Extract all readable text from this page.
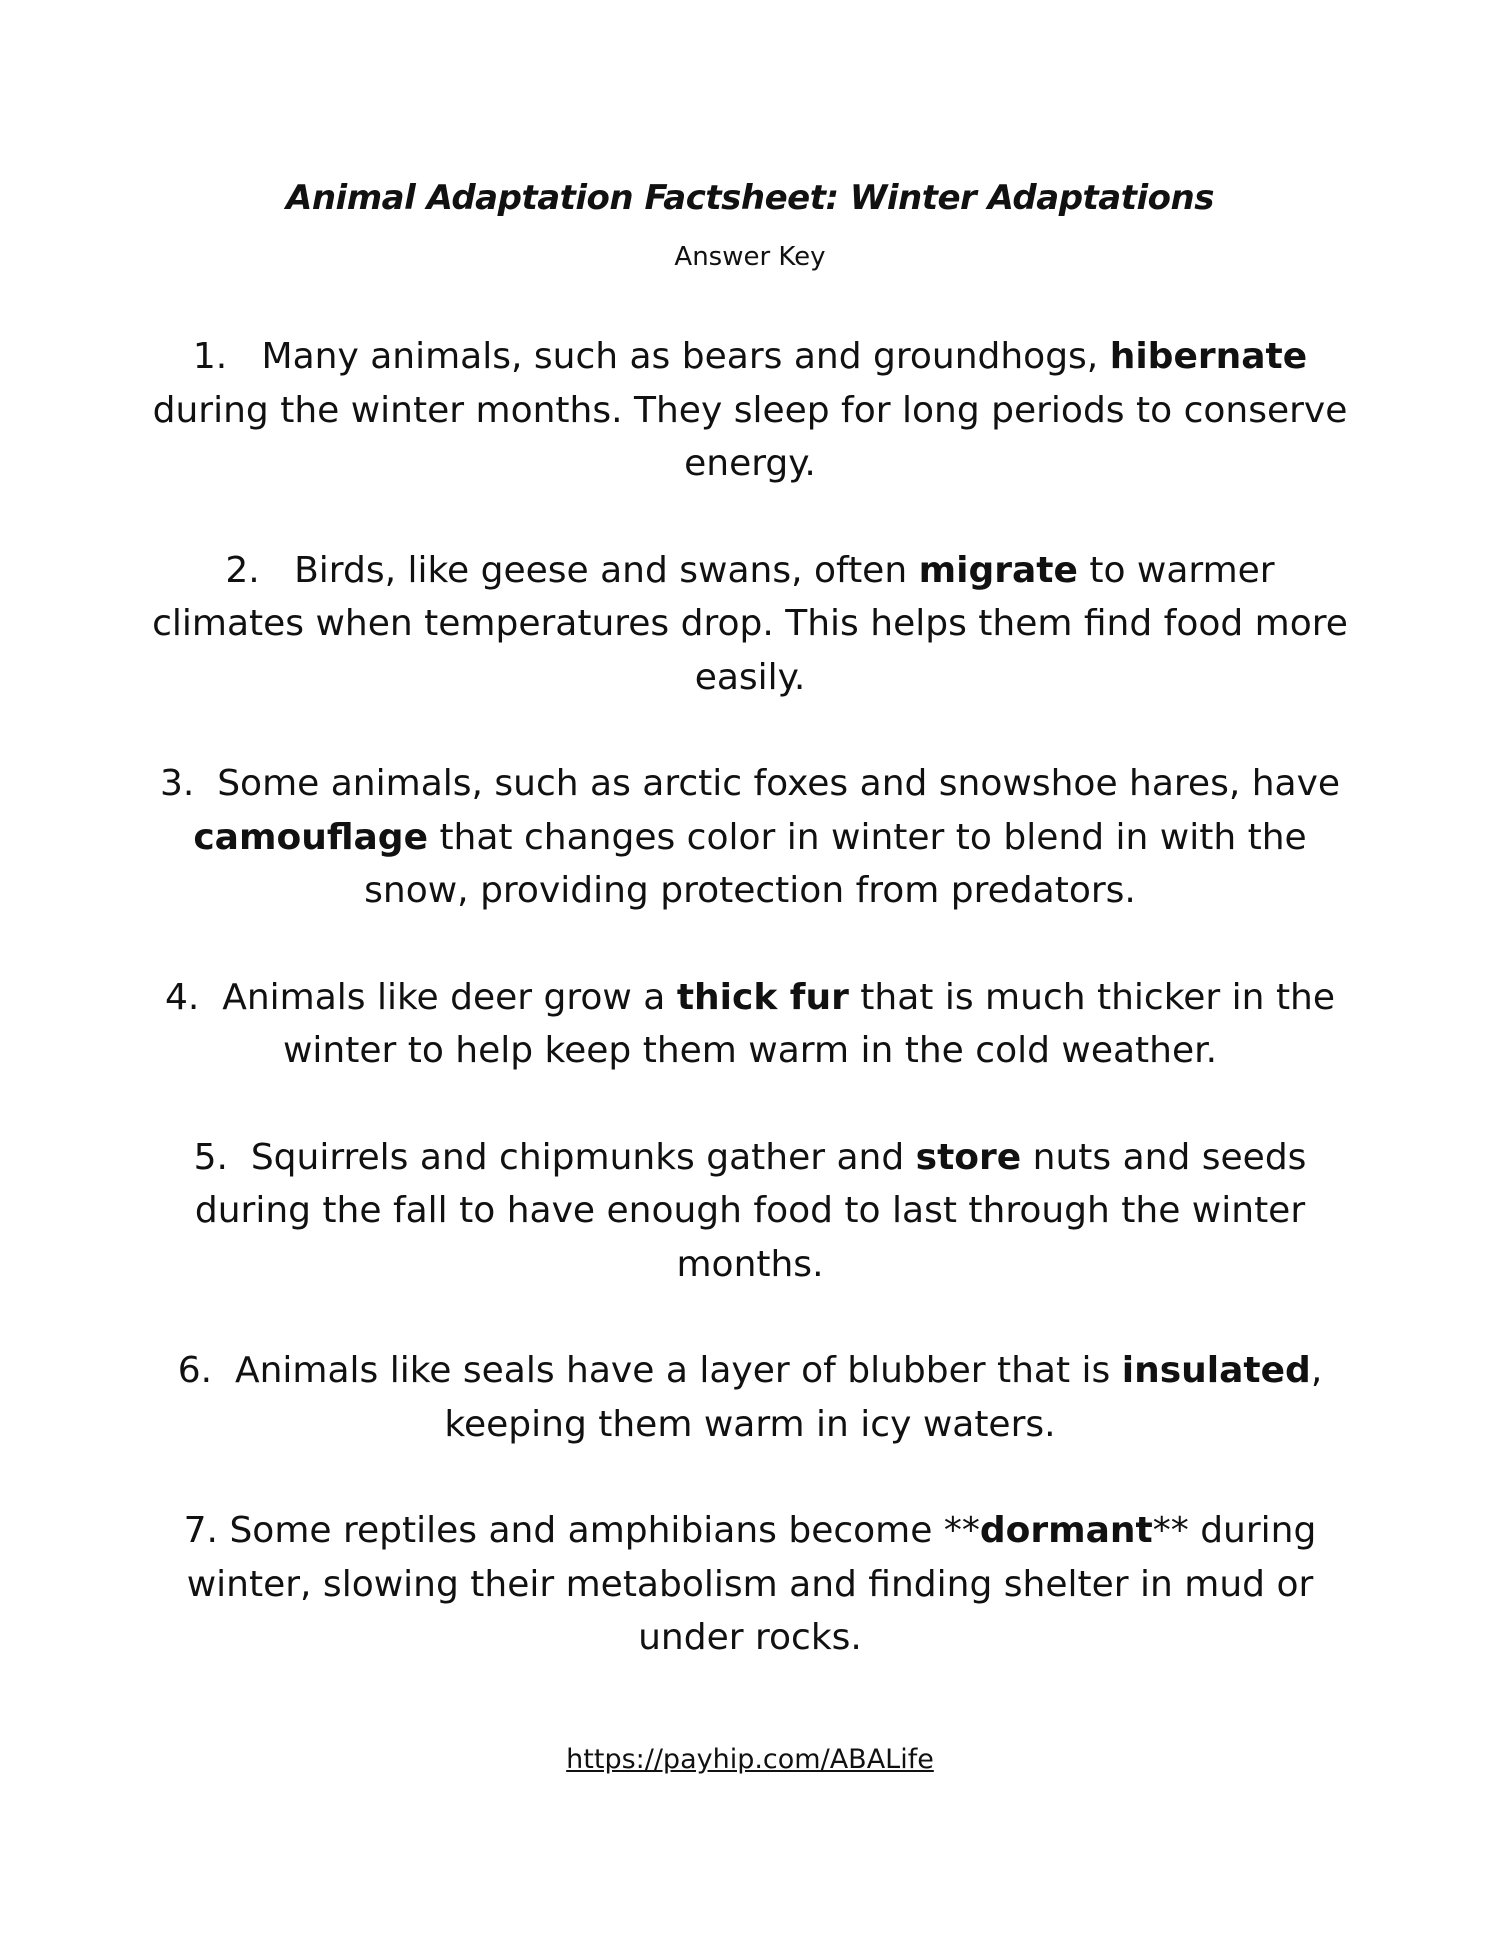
Animal Adaptation Factsheet: Winter Adaptations
Answer Key
1. Many animals, such as bears and groundhogs, hibernate during the winter months. They sleep for long periods to conserve energy.
2. Birds, like geese and swans, often migrate to warmer climates when temperatures drop. This helps them find food more easily.
3. Some animals, such as arctic foxes and snowshoe hares, have camouflage that changes color in winter to blend in with the snow, providing protection from predators.
4. Animals like deer grow a thick fur that is much thicker in the winter to help keep them warm in the cold weather.
5. Squirrels and chipmunks gather and store nuts and seeds during the fall to have enough food to last through the winter months.
6. Animals like seals have a layer of blubber that is insulated, keeping them warm in icy waters.
7. Some reptiles and amphibians become **dormant** during winter, slowing their metabolism and finding shelter in mud or under rocks.
https://payhip.com/ABALife
